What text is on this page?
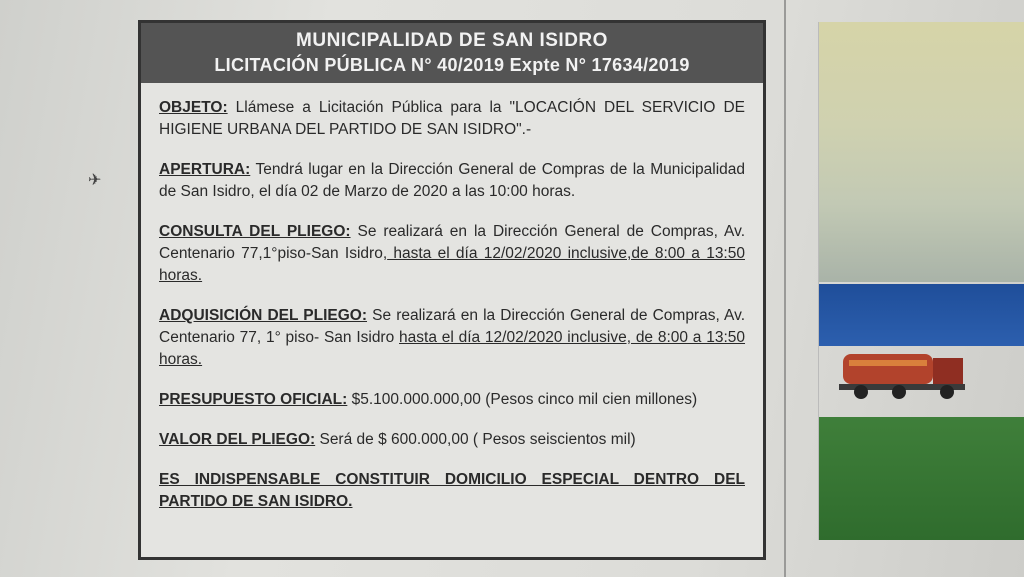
✈
MUNICIPALIDAD DE SAN ISIDRO
LICITACIÓN PÚBLICA N° 40/2019 Expte N° 17634/2019

OBJETO: Llámese a Licitación Pública para la "LOCACIÓN DEL SERVICIO DE HIGIENE URBANA DEL PARTIDO DE SAN ISIDRO".-

APERTURA: Tendrá lugar en la Dirección General de Compras de la Municipalidad de San Isidro, el día 02 de Marzo de 2020 a las 10:00 horas.

CONSULTA DEL PLIEGO: Se realizará en la Dirección General de Compras, Av. Centenario 77,1°piso-San Isidro, hasta el día 12/02/2020 inclusive,de 8:00 a 13:50 horas.

ADQUISICIÓN DEL PLIEGO: Se realizará en la Dirección General de Compras, Av. Centenario 77, 1° piso- San Isidro hasta el día 12/02/2020 inclusive, de 8:00 a 13:50 horas.

PRESUPUESTO OFICIAL: $5.100.000.000,00 (Pesos cinco mil cien millones)

VALOR DEL PLIEGO: Será de $ 600.000,00 ( Pesos seiscientos mil)

ES INDISPENSABLE CONSTITUIR DOMICILIO ESPECIAL DENTRO DEL PARTIDO DE SAN ISIDRO.
